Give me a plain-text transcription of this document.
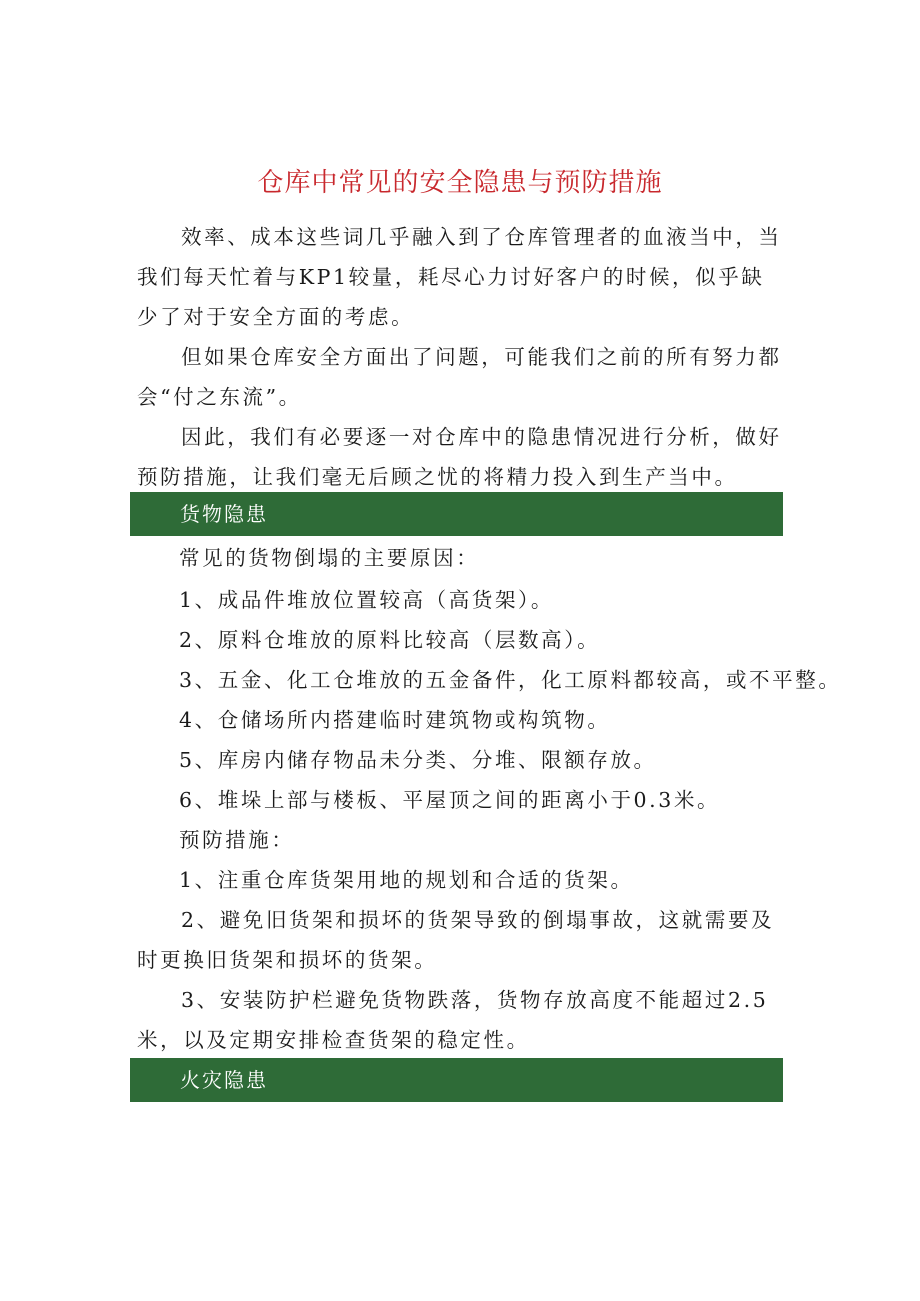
仓库中常见的安全隐患与预防措施

效率、成本这些词几乎融入到了仓库管理者的血液当中，当我们每天忙着与KP1较量，耗尽心力讨好客户的时候，似乎缺少了对于安全方面的考虑。

但如果仓库安全方面出了问题，可能我们之前的所有努力都会“付之东流”。

因此，我们有必要逐一对仓库中的隐患情况进行分析，做好预防措施，让我们毫无后顾之忧的将精力投入到生产当中。

货物隐患
常见的货物倒塌的主要原因：
1、成品件堆放位置较高（高货架）。
2、原料仓堆放的原料比较高（层数高）。
3、五金、化工仓堆放的五金备件，化工原料都较高，或不平整。
4、仓储场所内搭建临时建筑物或构筑物。
5、库房内储存物品未分类、分堆、限额存放。
6、堆垛上部与楼板、平屋顶之间的距离小于0.3米。
预防措施：
1、注重仓库货架用地的规划和合适的货架。

2、避免旧货架和损坏的货架导致的倒塌事故，这就需要及时更换旧货架和损坏的货架。

3、安装防护栏避免货物跌落，货物存放高度不能超过2.5米，以及定期安排检查货架的稳定性。

火灾隐患
